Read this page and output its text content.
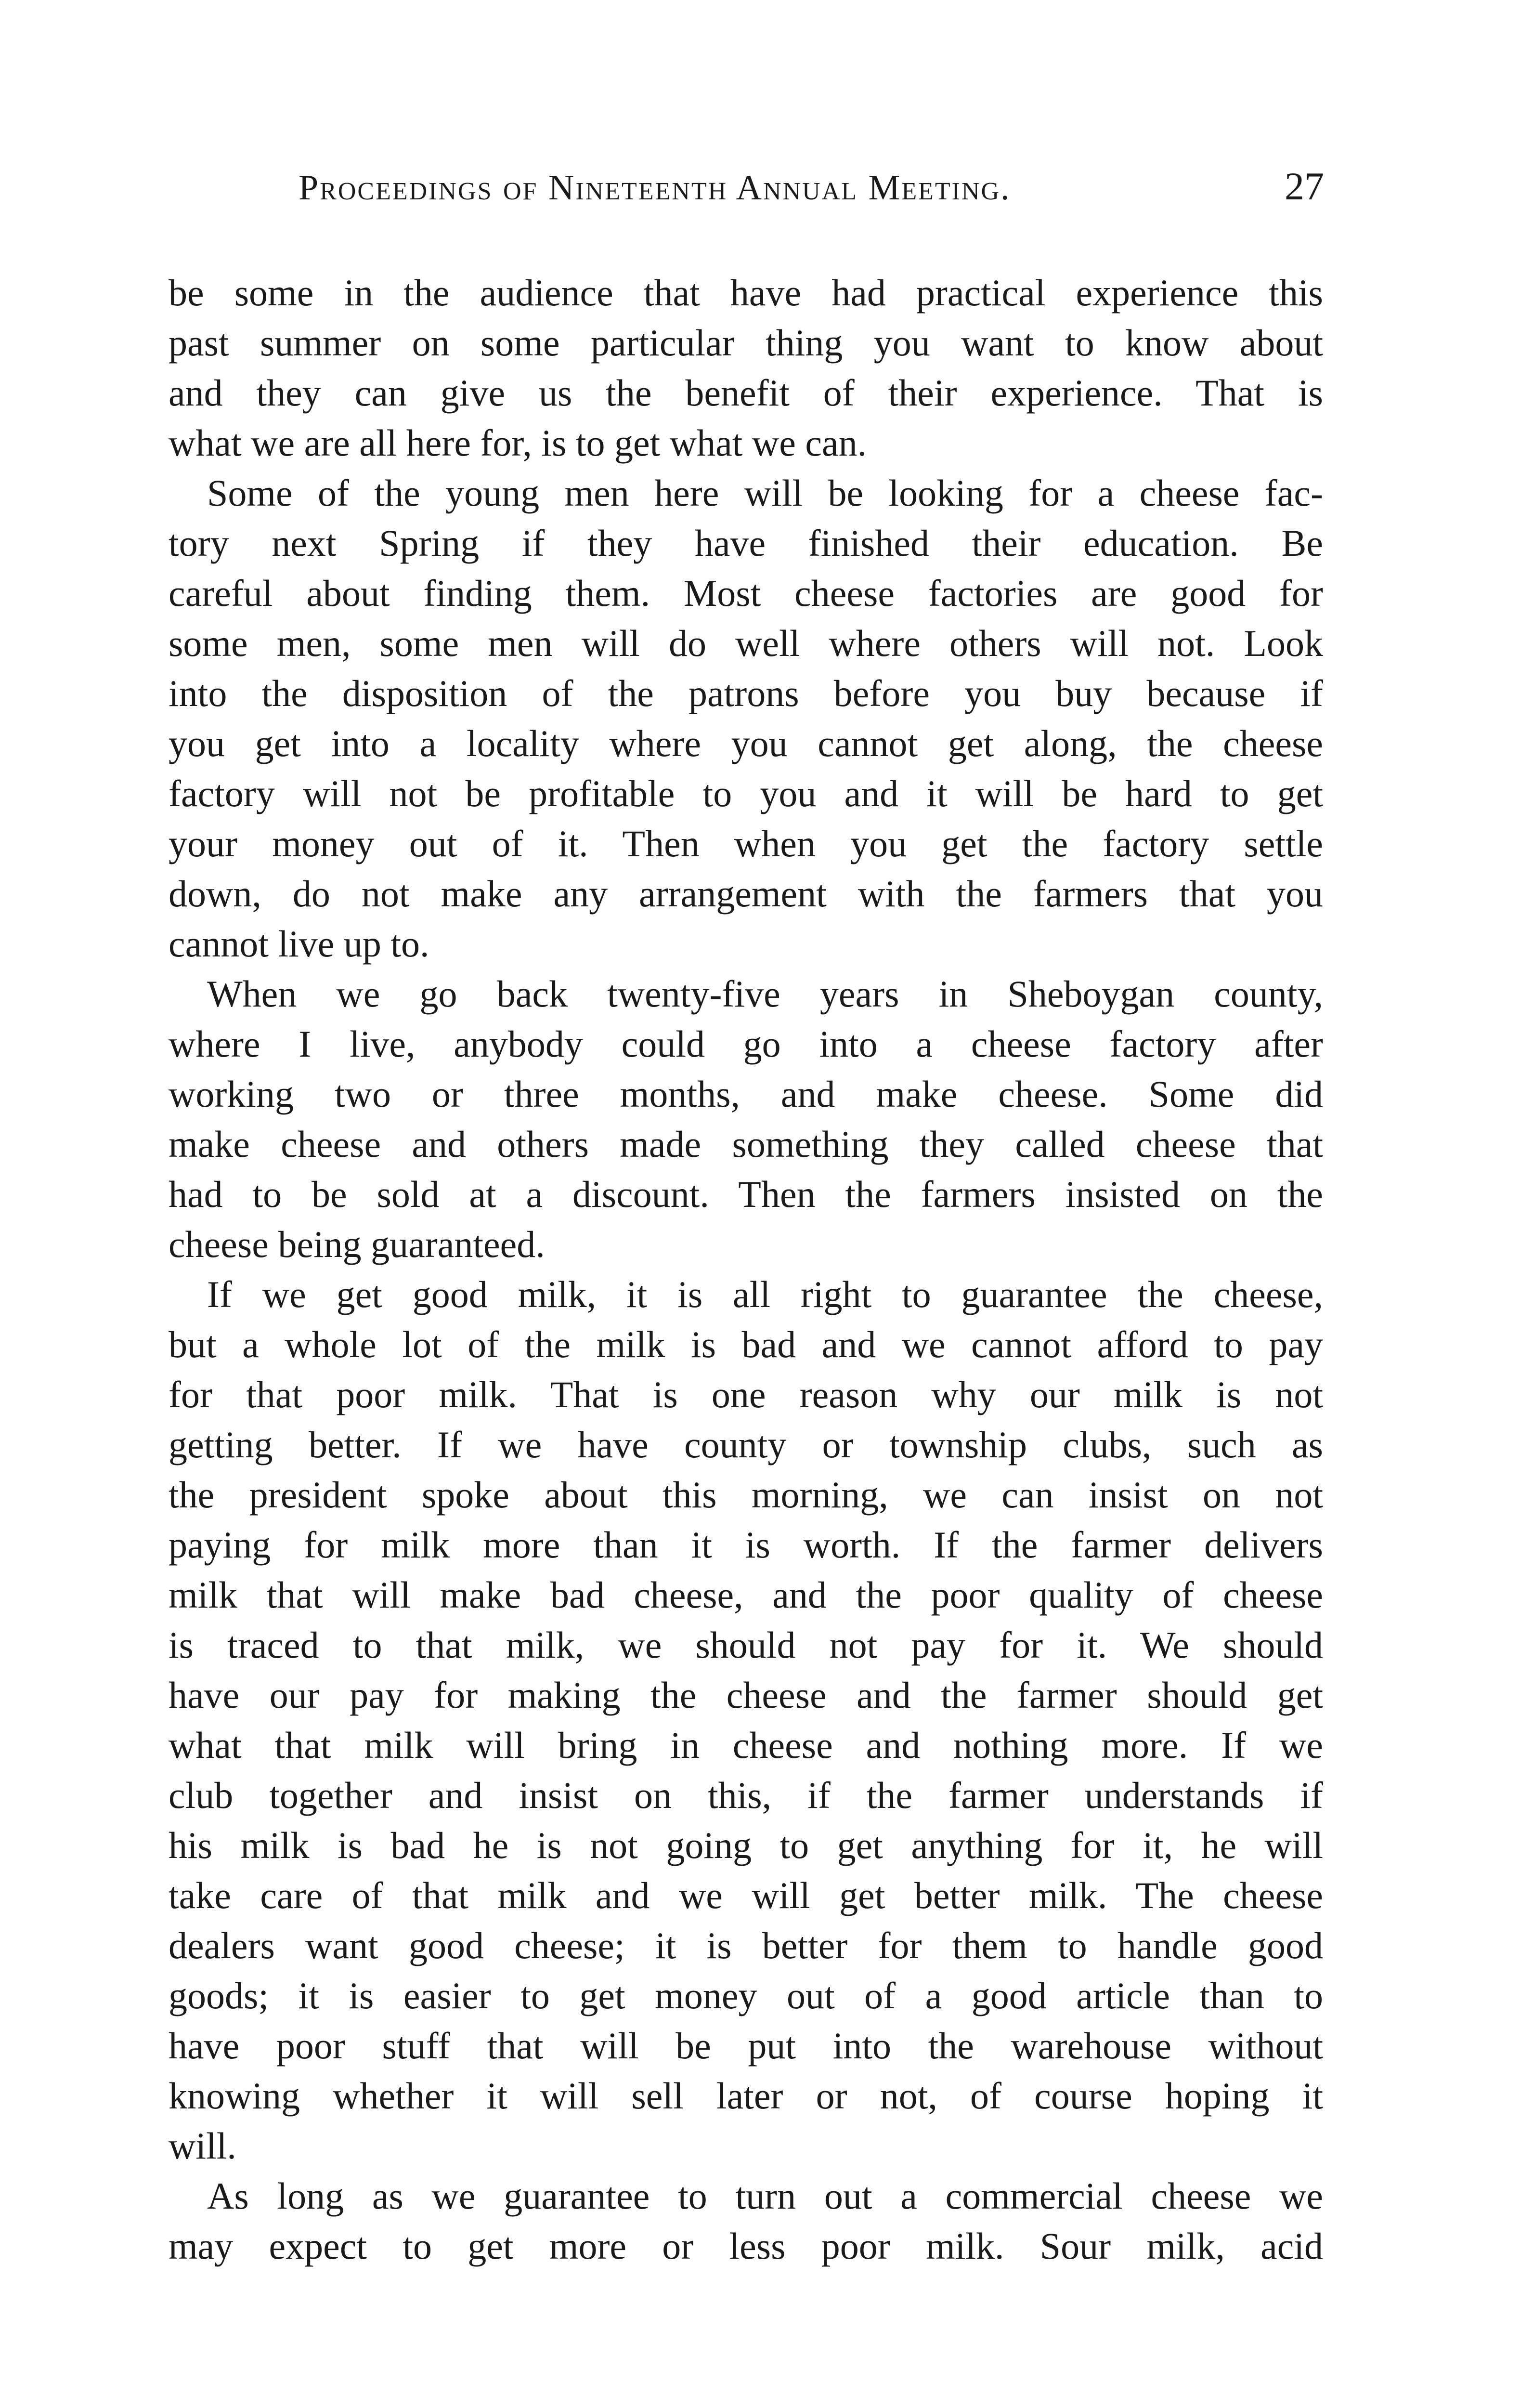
Proceedings of Nineteenth Annual Meeting.	27
be some in the audience that have had practical experience this
past summer on some particular thing you want to know about
and they can give us the benefit of their experience. That is
what we are all here for, is to get what we can.
Some of the young men here will be looking for a cheese fac-
tory next Spring if they have finished their education. Be
careful about finding them. Most cheese factories are good for
some men, some men will do well where others will not. Look
into the disposition of the patrons before you buy because if
you get into a locality where you cannot get along, the cheese
factory will not be profitable to you and it will be hard to get
your money out of it. Then when you get the factory settle
down, do not make any arrangement with the farmers that you
cannot live up to.
When we go back twenty-five years in Sheboygan county,
where I live, anybody could go into a cheese factory after
working two or three months, and make cheese. Some did
make cheese and others made something they called cheese that
had to be sold at a discount. Then the farmers insisted on the
cheese being guaranteed.
If we get good milk, it is all right to guarantee the cheese,
but a whole lot of the milk is bad and we cannot afford to pay
for that poor milk. That is one reason why our milk is not
getting better. If we have county or township clubs, such as
the president spoke about this morning, we can insist on not
paying for milk more than it is worth. If the farmer delivers
milk that will make bad cheese, and the poor quality of cheese
is traced to that milk, we should not pay for it. We should
have our pay for making the cheese and the farmer should get
what that milk will bring in cheese and nothing more. If we
club together and insist on this, if the farmer understands if
his milk is bad he is not going to get anything for it, he will
take care of that milk and we will get better milk. The cheese
dealers want good cheese; it is better for them to handle good
goods; it is easier to get money out of a good article than to
have poor stuff that will be put into the warehouse without
knowing whether it will sell later or not, of course hoping it
will.
As long as we guarantee to turn out a commercial cheese we
may expect to get more or less poor milk. Sour milk, acid
